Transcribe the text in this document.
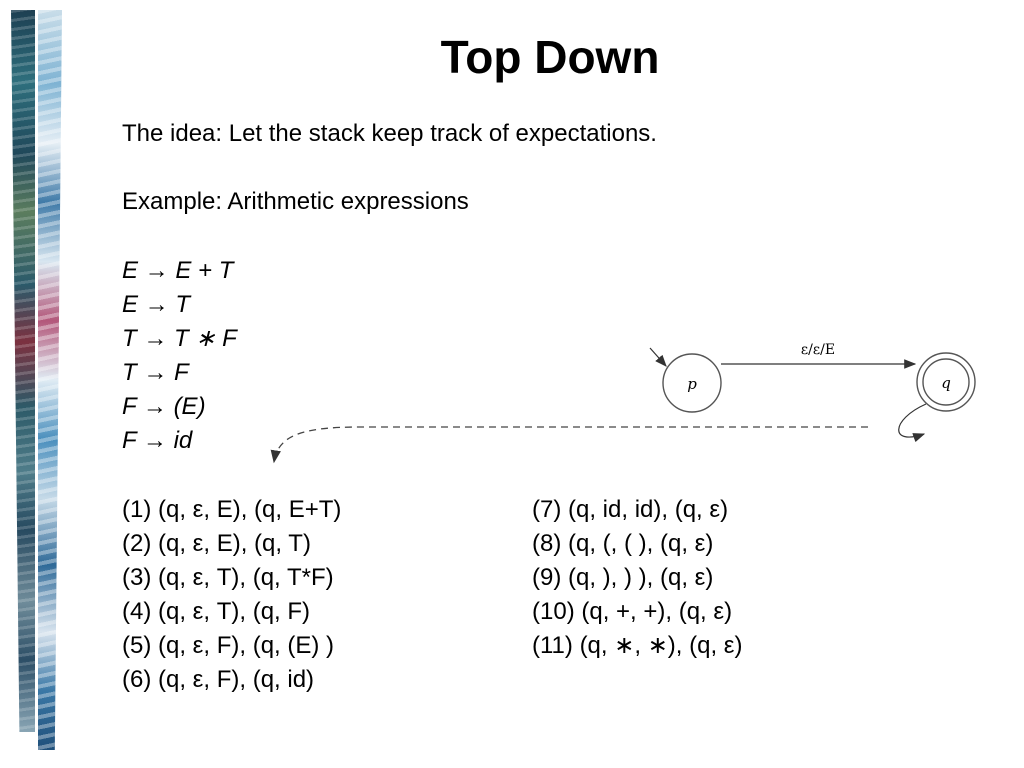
Top Down
The idea: Let the stack keep track of expectations.
Example: Arithmetic expressions
E → E + T
E → T
T → T ∗ F
T → F
F → (E)
F → id
(1) (q, ε, E), (q, E+T)
(2) (q, ε, E), (q, T)
(3) (q, ε, T), (q, T*F)
(4) (q, ε, T), (q, F)
(5) (q, ε, F), (q, (E) )
(6) (q, ε, F), (q, id)
(7) (q, id, id), (q, ε)
(8) (q, (, ( ), (q, ε)
(9) (q, ), ) ), (q, ε)
(10) (q, +, +), (q, ε)
(11) (q, ∗, ∗), (q, ε)
p
ε/ε/E
q
